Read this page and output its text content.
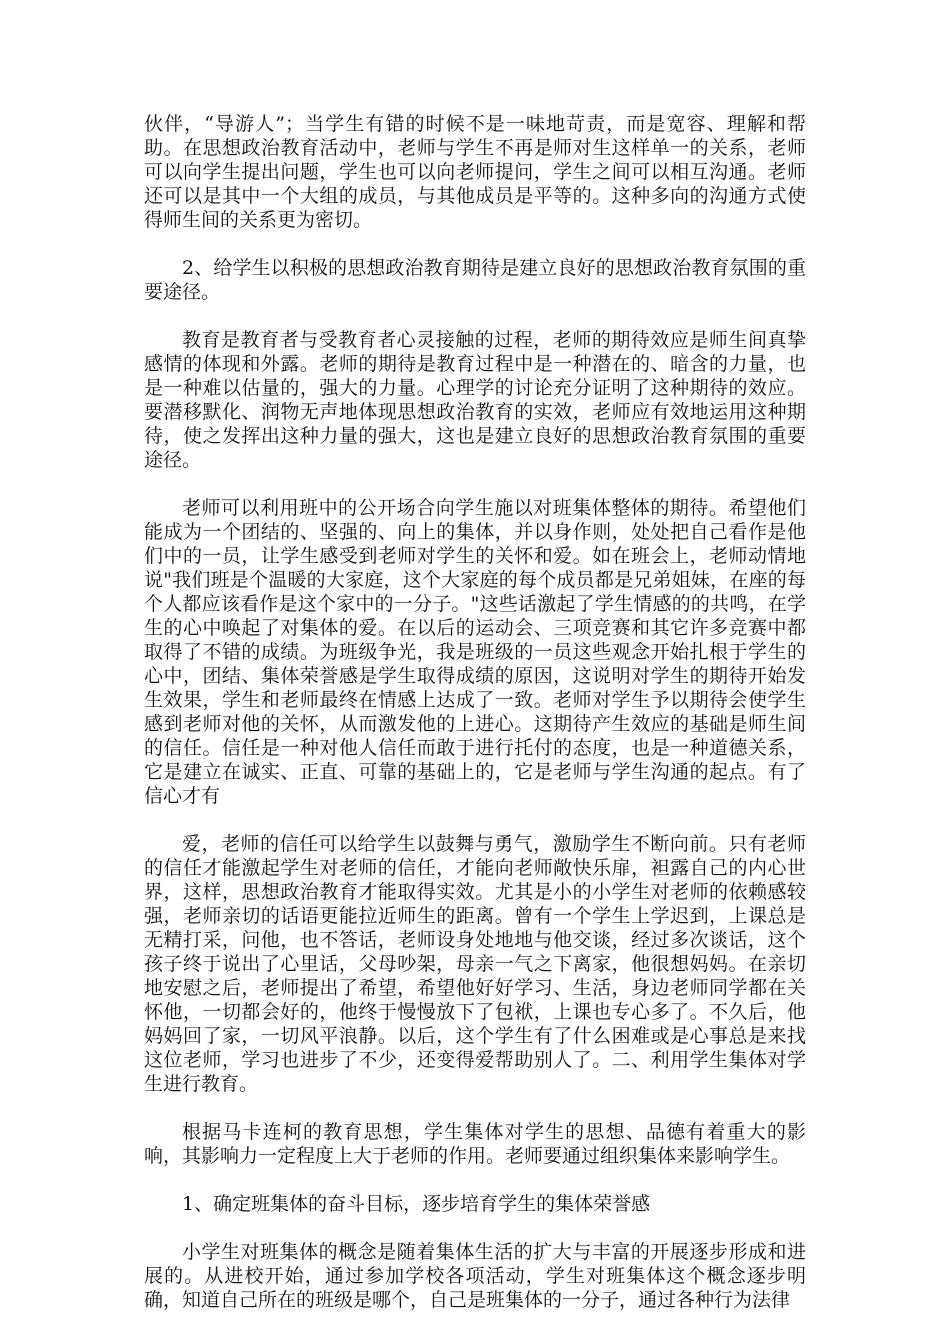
伙伴，“导游人”；当学生有错的时候不是一味地苛责，而是宽容、理解和帮助。在思想政治教育活动中，老师与学生不再是师对生这样单一的关系，老师可以向学生提出问题，学生也可以向老师提问，学生之间可以相互沟通。老师还可以是其中一个大组的成员，与其他成员是平等的。这种多向的沟通方式使得师生间的关系更为密切。

2、给学生以积极的思想政治教育期待是建立良好的思想政治教育氛围的重要途径。

教育是教育者与受教育者心灵接触的过程，老师的期待效应是师生间真挚感情的体现和外露。老师的期待是教育过程中是一种潜在的、暗含的力量，也是一种难以估量的，强大的力量。心理学的讨论充分证明了这种期待的效应。要潜移默化、润物无声地体现思想政治教育的实效，老师应有效地运用这种期待，使之发挥出这种力量的强大，这也是建立良好的思想政治教育氛围的重要途径。

老师可以利用班中的公开场合向学生施以对班集体整体的期待。希望他们能成为一个团结的、坚强的、向上的集体，并以身作则，处处把自己看作是他们中的一员，让学生感受到老师对学生的关怀和爱。如在班会上，老师动情地说"我们班是个温暖的大家庭，这个大家庭的每个成员都是兄弟姐妹，在座的每个人都应该看作是这个家中的一分子。"这些话激起了学生情感的的共鸣，在学生的心中唤起了对集体的爱。在以后的运动会、三项竞赛和其它许多竞赛中都取得了不错的成绩。为班级争光，我是班级的一员这些观念开始扎根于学生的心中，团结、集体荣誉感是学生取得成绩的原因，这说明对学生的期待开始发生效果，学生和老师最终在情感上达成了一致。老师对学生予以期待会使学生感到老师对他的关怀，从而激发他的上进心。这期待产生效应的基础是师生间的信任。信任是一种对他人信任而敢于进行托付的态度，也是一种道德关系，它是建立在诚实、正直、可靠的基础上的，它是老师与学生沟通的起点。有了信心才有

爱，老师的信任可以给学生以鼓舞与勇气，激励学生不断向前。只有老师的信任才能激起学生对老师的信任，才能向老师敞快乐扉，袒露自己的内心世界，这样，思想政治教育才能取得实效。尤其是小的小学生对老师的依赖感较强，老师亲切的话语更能拉近师生的距离。曾有一个学生上学迟到，上课总是无精打采，问他，也不答话，老师设身处地地与他交谈，经过多次谈话，这个孩子终于说出了心里话，父母吵架，母亲一气之下离家，他很想妈妈。在亲切地安慰之后，老师提出了希望，希望他好好学习、生活，身边老师同学都在关怀他，一切都会好的，他终于慢慢放下了包袱，上课也专心多了。不久后，他妈妈回了家，一切风平浪静。以后，这个学生有了什么困难或是心事总是来找这位老师，学习也进步了不少，还变得爱帮助别人了。二、利用学生集体对学生进行教育。

根据马卡连柯的教育思想，学生集体对学生的思想、品德有着重大的影响，其影响力一定程度上大于老师的作用。老师要通过组织集体来影响学生。

1、确定班集体的奋斗目标，逐步培育学生的集体荣誉感

小学生对班集体的概念是随着集体生活的扩大与丰富的开展逐步形成和进展的。从进校开始，通过参加学校各项活动，学生对班集体这个概念逐步明确，知道自己所在的班级是哪个，自己是班集体的一分子，通过各种行为法律
